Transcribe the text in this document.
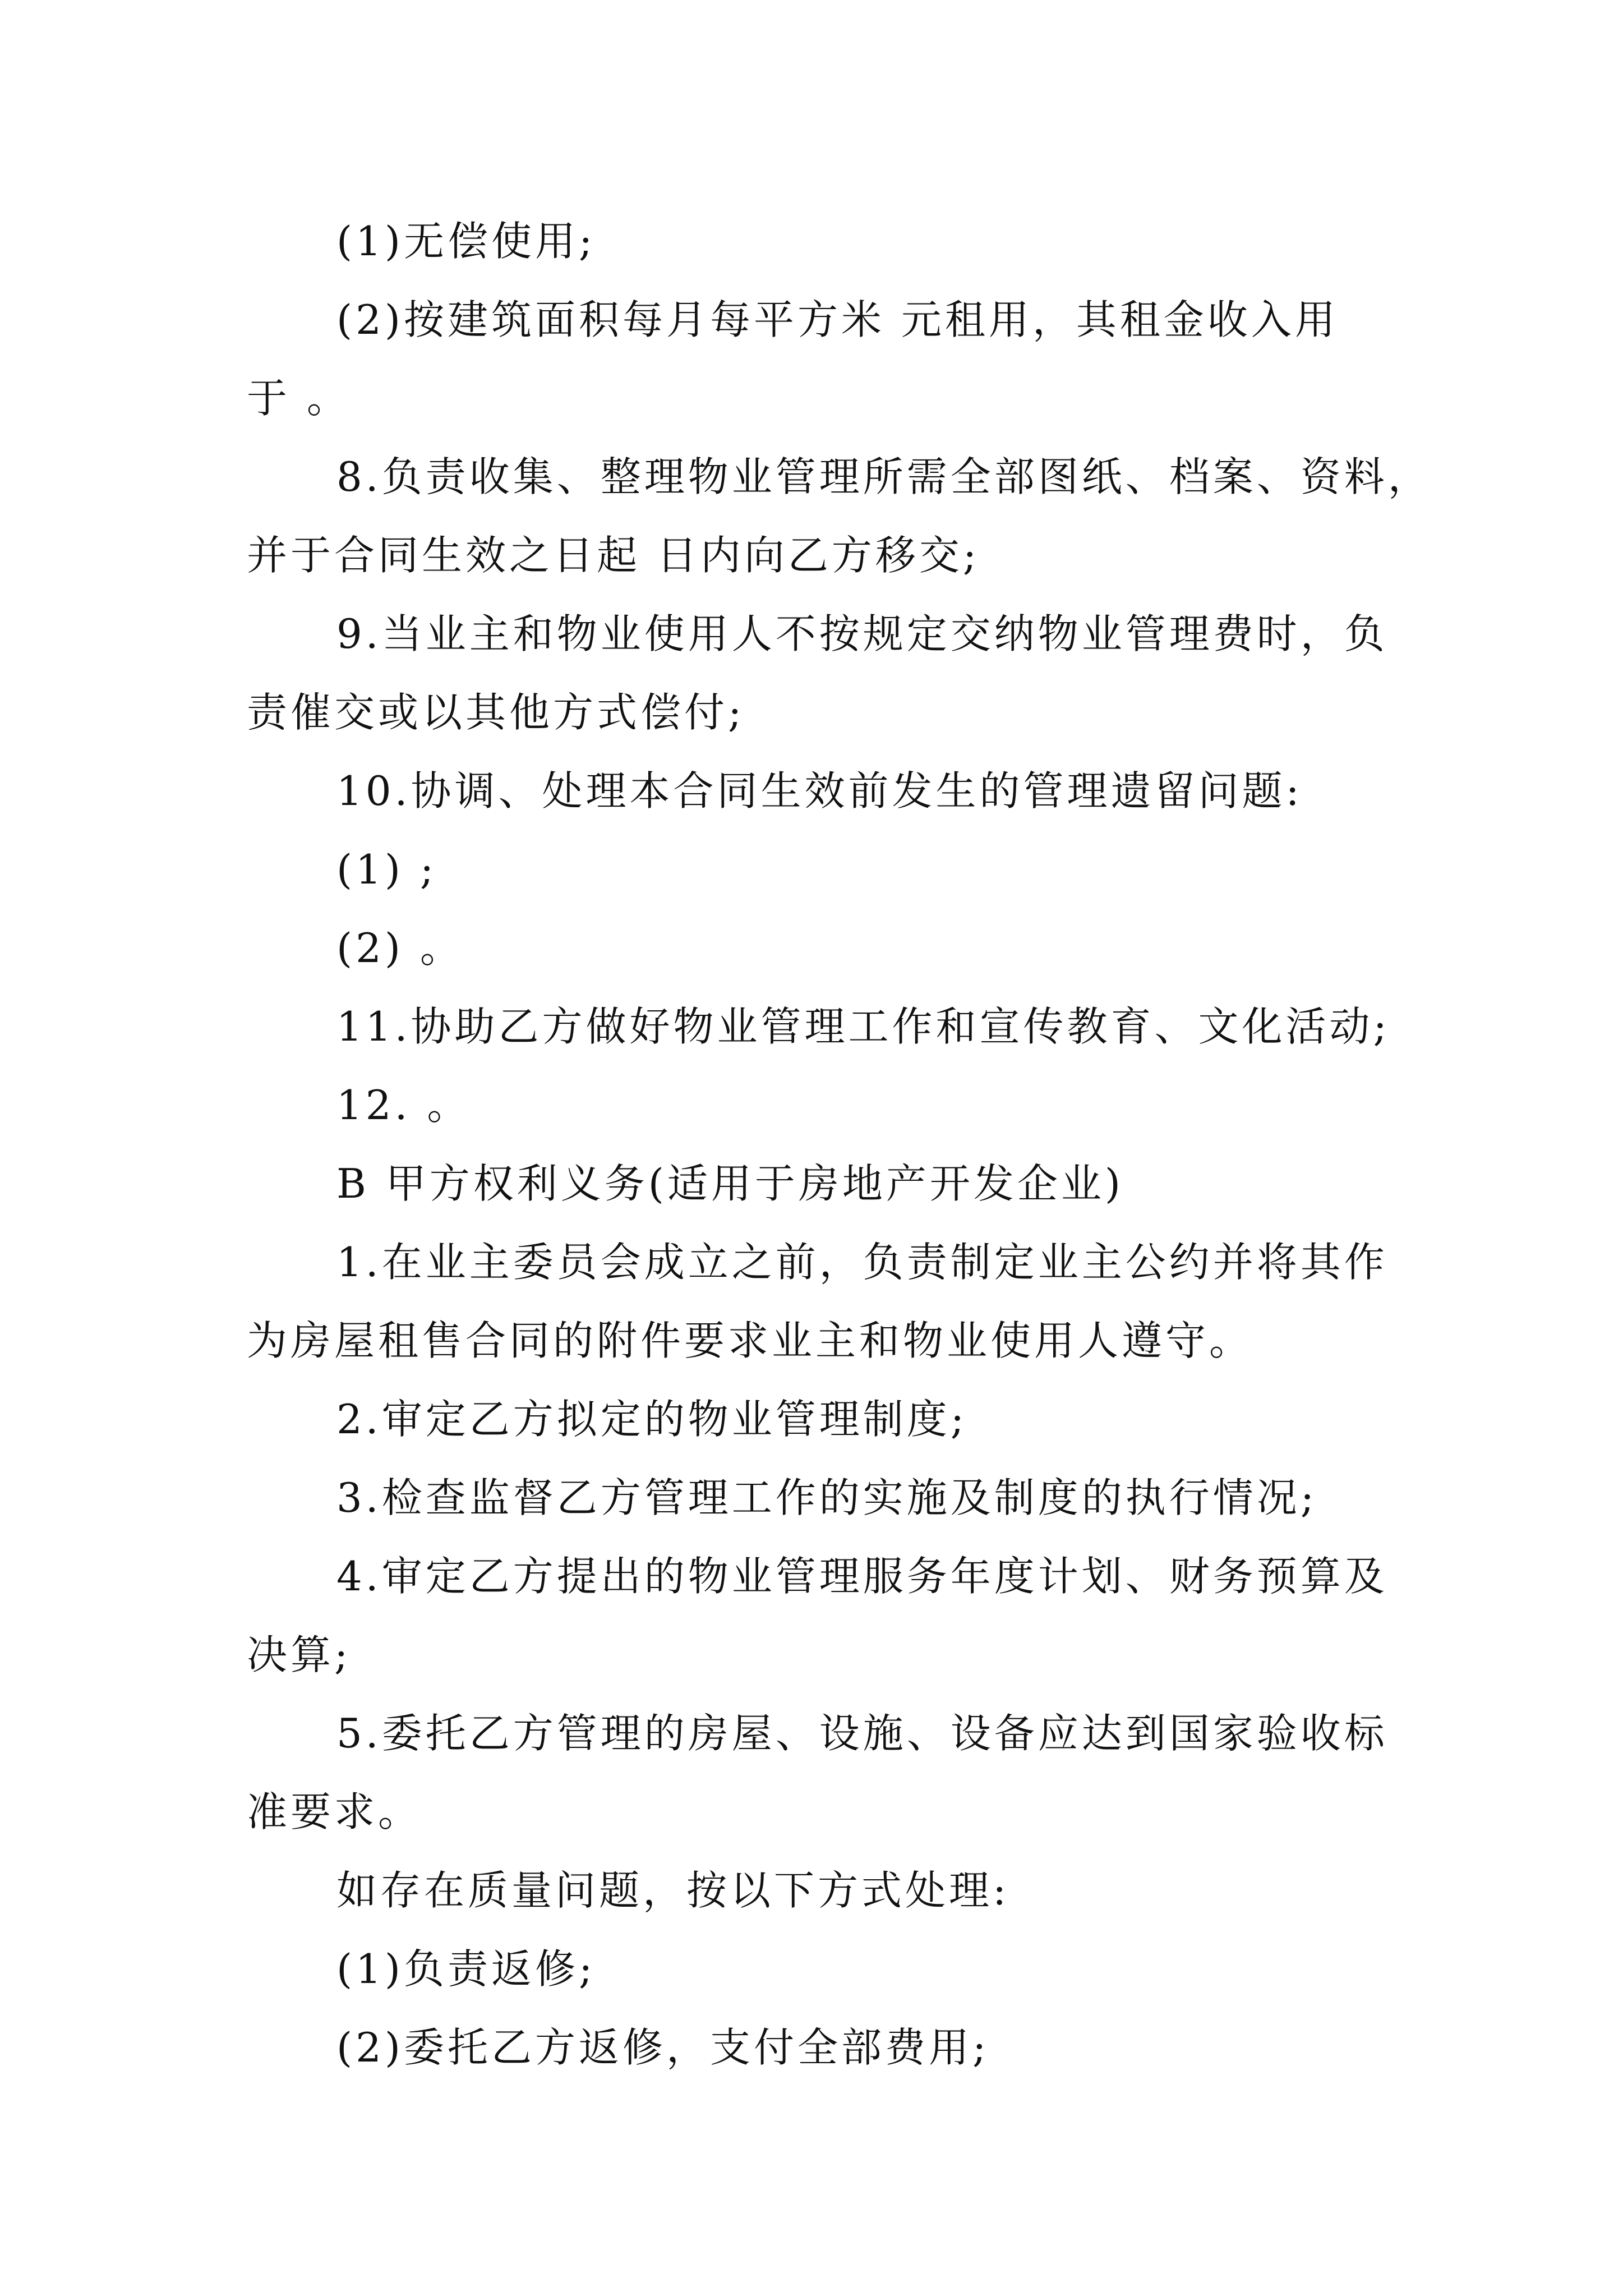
(1)无偿使用;
(2)按建筑面积每月每平方米 元租用，其租金收入用
于 。
8.负责收集、整理物业管理所需全部图纸、档案、资料，
并于合同生效之日起 日内向乙方移交;
9.当业主和物业使用人不按规定交纳物业管理费时，负
责催交或以其他方式偿付;
10.协调、处理本合同生效前发生的管理遗留问题:
(1) ;
(2) 。
11.协助乙方做好物业管理工作和宣传教育、文化活动;
12. 。
B 甲方权利义务(适用于房地产开发企业)
1.在业主委员会成立之前，负责制定业主公约并将其作
为房屋租售合同的附件要求业主和物业使用人遵守。
2.审定乙方拟定的物业管理制度;
3.检查监督乙方管理工作的实施及制度的执行情况;
4.审定乙方提出的物业管理服务年度计划、财务预算及
决算;
5.委托乙方管理的房屋、设施、设备应达到国家验收标
准要求。
如存在质量问题，按以下方式处理:
(1)负责返修;
(2)委托乙方返修，支付全部费用;
